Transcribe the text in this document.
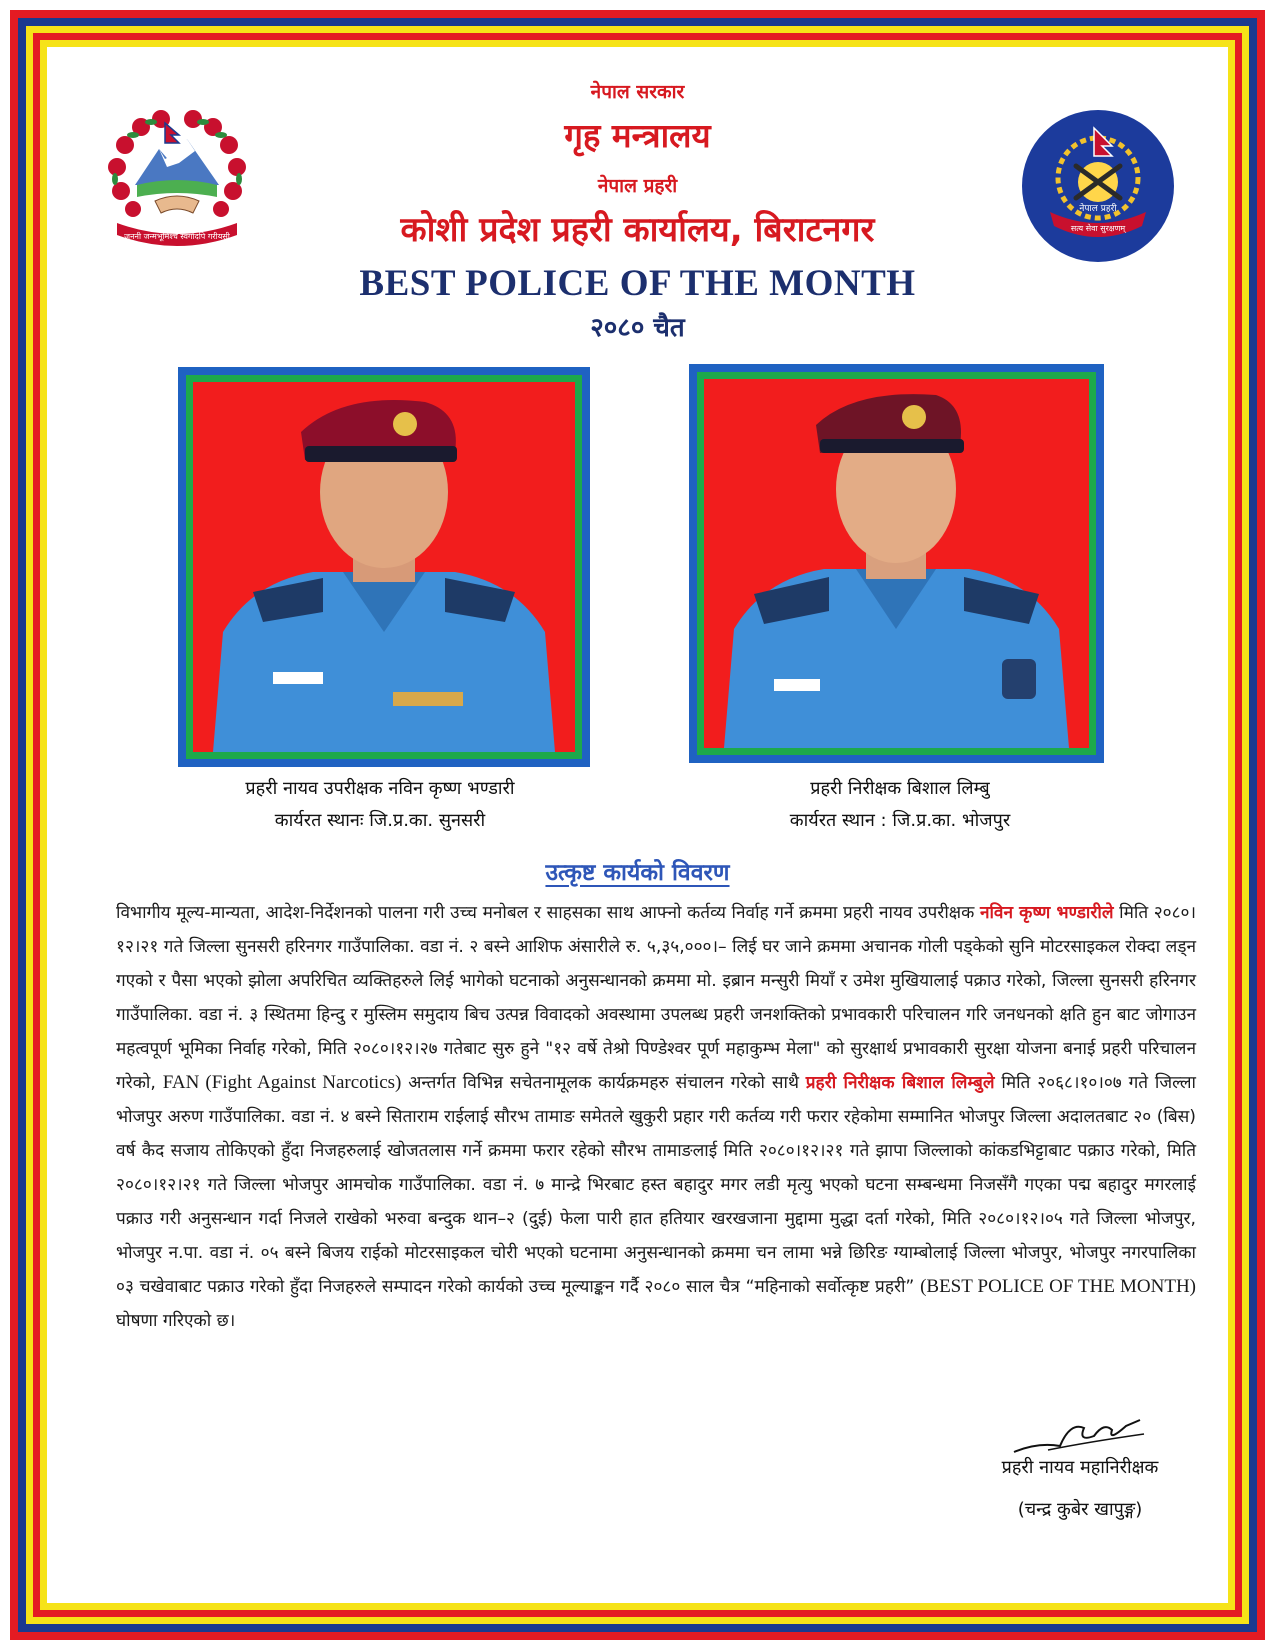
जननी जन्मभूमिश्च स्वर्गादपि गरीयसी
नेपाल प्रहरी
सत्य सेवा सुरक्षणम्
नेपाल सरकार
गृह मन्त्रालय
नेपाल प्रहरी
कोशी प्रदेश प्रहरी कार्यालय, बिराटनगर
BEST POLICE OF THE MONTH
२०८० चैत
प्रहरी नायव उपरीक्षक नविन कृष्ण भण्डारी
कार्यरत स्थानः जि.प्र.का. सुनसरी
प्रहरी निरीक्षक बिशाल लिम्बु
कार्यरत स्थान : जि.प्र.का. भोजपुर
उत्कृष्ट कार्यको विवरण

विभागीय मूल्य-मान्यता, आदेश-निर्देशनको पालना गरी उच्च मनोबल र साहसका साथ आफ्नो कर्तव्य निर्वाह गर्ने क्रममा प्रहरी नायव उपरीक्षक नविन कृष्ण भण्डारीले मिति २०८०।१२।२१ गते जिल्ला सुनसरी हरिनगर गाउँपालिका. वडा नं. २ बस्ने आशिफ अंसारीले रु. ५,३५,०००।– लिई घर जाने क्रममा अचानक गोली पड्केको सुनि मोटरसाइकल रोक्दा लड्न गएको र पैसा भएको झोला अपरिचित व्यक्तिहरुले लिई भागेको घटनाको अनुसन्धानको क्रममा मो. इब्रान मन्सुरी मियाँ र उमेश मुखियालाई पक्राउ गरेको, जिल्ला सुनसरी हरिनगर गाउँपालिका. वडा नं. ३ स्थितमा हिन्दु र मुस्लिम समुदाय बिच उत्पन्न विवादको अवस्थामा उपलब्ध प्रहरी जनशक्तिको प्रभावकारी परिचालन गरि जनधनको क्षति हुन बाट जोगाउन महत्वपूर्ण भूमिका निर्वाह गरेको, मिति २०८०।१२।२७ गतेबाट सुरु हुने "१२ वर्षे तेश्रो पिण्डेश्वर पूर्ण महाकुम्भ मेला" को सुरक्षार्थ प्रभावकारी सुरक्षा योजना बनाई प्रहरी परिचालन गरेको, FAN (Fight Against Narcotics) अन्तर्गत विभिन्न सचेतनामूलक कार्यक्रमहरु संचालन गरेको साथै प्रहरी निरीक्षक बिशाल लिम्बुले मिति २०६८।१०।०७ गते जिल्ला भोजपुर अरुण गाउँपालिका. वडा नं. ४ बस्ने सिताराम राईलाई सौरभ तामाङ समेतले खुकुरी प्रहार गरी कर्तव्य गरी फरार रहेकोमा सम्मानित भोजपुर जिल्ला अदालतबाट २० (बिस) वर्ष कैद सजाय तोकिएको हुँदा निजहरुलाई खोजतलास गर्ने क्रममा फरार रहेको सौरभ तामाङलाई मिति २०८०।१२।२१ गते झापा जिल्लाको कांकडभिट्टाबाट पक्राउ गरेको, मिति २०८०।१२।२१ गते जिल्ला भोजपुर आमचोक गाउँपालिका. वडा नं. ७ मान्द्रे भिरबाट हस्त बहादुर मगर लडी मृत्यु भएको घटना सम्बन्धमा निजसँगै गएका पद्म बहादुर मगरलाई पक्राउ गरी अनुसन्धान गर्दा निजले राखेको भरुवा बन्दुक थान–२ (दुई) फेला पारी हात हतियार खरखजाना मुद्दामा मुद्धा दर्ता गरेको, मिति २०८०।१२।०५ गते जिल्ला भोजपुर, भोजपुर न.पा. वडा नं. ०५ बस्ने बिजय राईको मोटरसाइकल चोरी भएको घटनामा अनुसन्धानको क्रममा चन लामा भन्ने छिरिङ ग्याम्बोलाई जिल्ला भोजपुर, भोजपुर नगरपालिका ०३ चखेवाबाट पक्राउ गरेको हुँदा निजहरुले सम्पादन गरेको कार्यको उच्च मूल्याङ्कन गर्दै २०८० साल चैत्र “महिनाको सर्वोत्कृष्ट प्रहरी” (BEST POLICE OF THE MONTH) घोषणा गरिएको छ।

प्रहरी नायव महानिरीक्षक
(चन्द्र कुबेर खापुङ्ग)
